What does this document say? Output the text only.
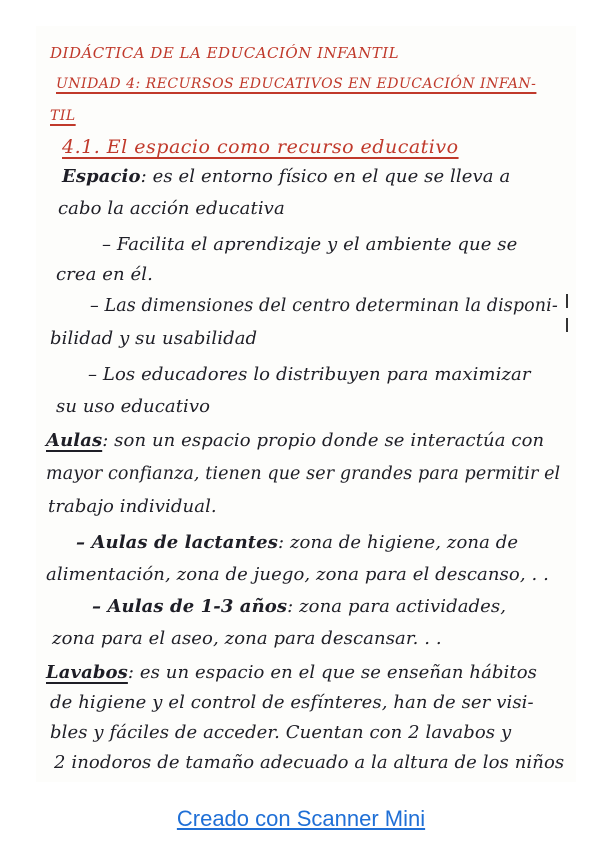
DIDÁCTICA DE LA EDUCACIÓN INFANTIL
UNIDAD 4: RECURSOS EDUCATIVOS EN EDUCACIÓN INFAN-
TIL
4.1. El espacio como recurso educativo
Espacio: es el entorno físico en el que se lleva a
cabo la acción educativa
– Facilita el aprendizaje y el ambiente que se
crea en él.
– Las dimensiones del centro determinan la disponi-
bilidad y su usabilidad
– Los educadores lo distribuyen para maximizar
su uso educativo
Aulas: son un espacio propio donde se interactúa con
mayor confianza, tienen que ser grandes para permitir el
trabajo individual.
– Aulas de lactantes: zona de higiene, zona de
alimentación, zona de juego, zona para el descanso, . .
– Aulas de 1-3 años: zona para actividades,
zona para el aseo, zona para descansar. . .
Lavabos: es un espacio en el que se enseñan hábitos
de higiene y el control de esfínteres, han de ser visi-
bles y fáciles de acceder. Cuentan con 2 lavabos y
2 inodoros de tamaño adecuado a la altura de los niños
Creado con Scanner Mini
